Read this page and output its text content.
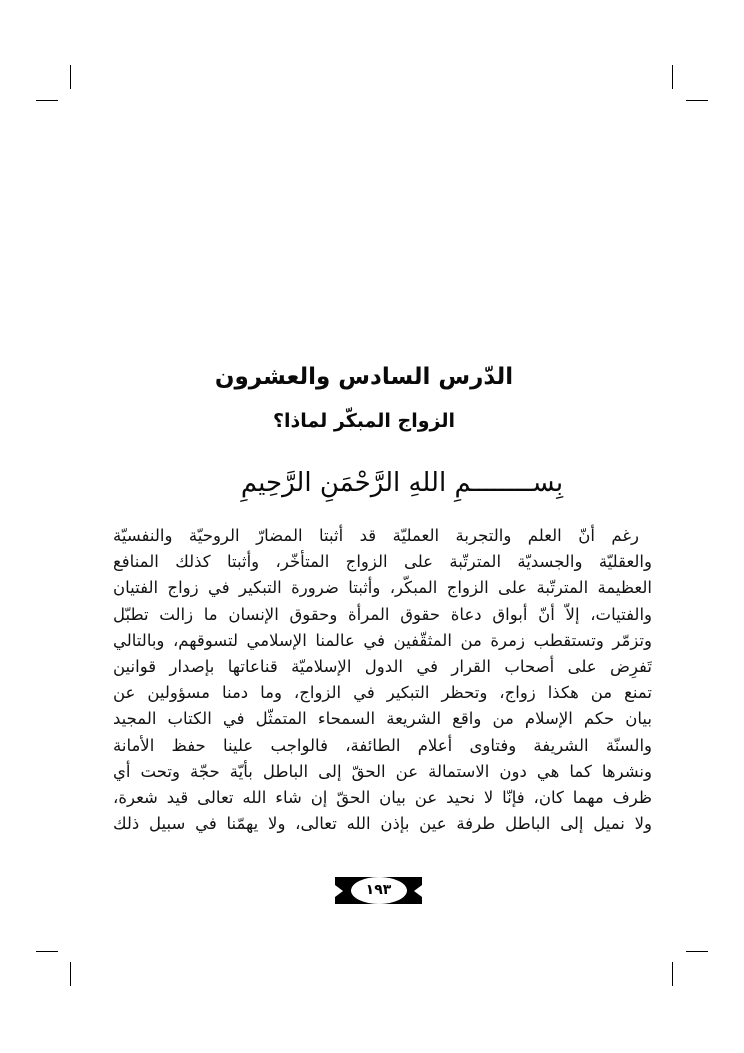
الدّرس السادس والعشرون
الزواج المبكّر لماذا؟
بِســــــــمِ اللهِ الرَّحْمَنِ الرَّحِيمِ
رغم أنّ العلم والتجربة العمليّة قد أثبتا المضارّ الروحيّة والنفسيّة
والعقليّة والجسديّة المترتّبة على الزواج المتأخّر، وأثبتا كذلك المنافع
العظيمة المترتّبة على الزواج المبكّر، وأثبتا ضرورة التبكير في زواج الفتيان
والفتيات، إلاّ أنّ أبواق دعاة حقوق المرأة وحقوق الإنسان ما زالت تطبّل
وتزمّر وتستقطب زمرة من المثقّفين في عالمنا الإسلامي لتسوقهم، وبالتالي
تَفرِض على أصحاب القرار في الدول الإسلاميّة قناعاتها بإصدار قوانين
تمنع من هكذا زواج، وتحظر التبكير في الزواج، وما دمنا مسؤولين عن
بيان حكم الإسلام من واقع الشريعة السمحاء المتمثّل في الكتاب المجيد
والسنّة الشريفة وفتاوى أعلام الطائفة، فالواجب علينا حفظ الأمانة
ونشرها كما هي دون الاستمالة عن الحقّ إلى الباطل بأيّة حجّة وتحت أي
ظرف مهما كان، فإنّا لا نحيد عن بيان الحقّ إن شاء الله تعالى قيد شعرة،
ولا نميل إلى الباطل طرفة عين بإذن الله تعالى، ولا يهمّنا في سبيل ذلك
١٩٣
